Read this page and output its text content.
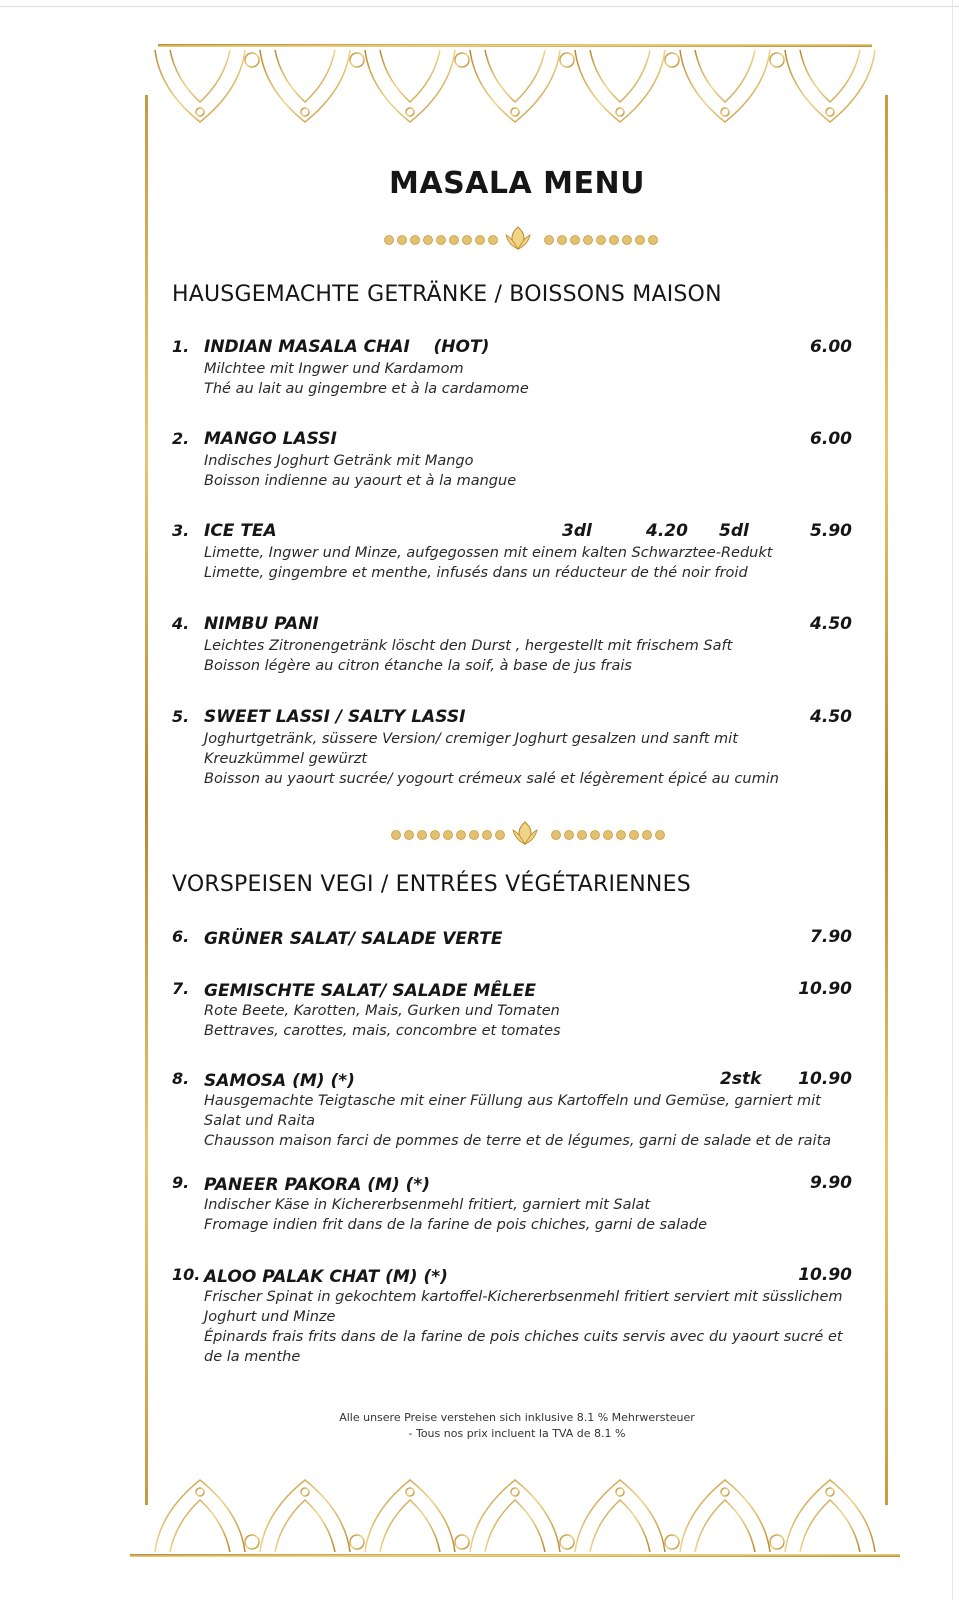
MASALA MENU
HAUSGEMACHTE GETRÄNKE / BOISSONS MAISON
1. INDIAN MASALA CHAI    (HOT)	6.00
Milchtee mit Ingwer und Kardamom
Thé au lait au gingembre et à la cardamome
2. MANGO LASSI	6.00
Indisches Joghurt Getränk mit Mango
Boisson indienne au yaourt et à la mangue
3. ICE TEA	3dl	4.20 5dl	5.90
Limette, Ingwer und Minze, aufgegossen mit einem kalten Schwarztee-Redukt
Limette, gingembre et menthe, infusés dans un réducteur de thé noir froid
4. NIMBU PANI	4.50
Leichtes Zitronengetränk löscht den Durst , hergestellt mit frischem Saft
Boisson légère au citron étanche la soif, à base de jus frais
5. SWEET LASSI / SALTY LASSI	4.50
Joghurtgetränk, süssere Version/ cremiger Joghurt gesalzen und sanft mit Kreuzkümmel gewürzt
Boisson au yaourt sucrée/ yogourt crémeux salé et légèrement épicé au cumin
VORSPEISEN VEGI / ENTRÉES VÉGÉTARIENNES
6. GRÜNER SALAT/ SALADE VERTE	7.90
7. GEMISCHTE SALAT/ SALADE MÊLEE	10.90
Rote Beete, Karotten, Mais, Gurken und Tomaten
Bettraves, carottes, mais, concombre et tomates
8. SAMOSA (M) (*)	2stk 10.90
Hausgemachte Teigtasche mit einer Füllung aus Kartoffeln und Gemüse, garniert mit Salat und Raita
Chausson maison farci de pommes de terre et de légumes, garni de salade et de raita
9. PANEER PAKORA (M) (*)	9.90
Indischer Käse in Kichererbsenmehl fritiert, garniert mit Salat
Fromage indien frit dans de la farine de pois chiches, garni de salade
10. ALOO PALAK CHAT (M) (*)	10.90
Frischer Spinat in gekochtem kartoffel-Kichererbsenmehl fritiert serviert mit süsslichem Joghurt und Minze
Épinards frais frits dans de la farine de pois chiches cuits servis avec du yaourt sucré et de la menthe
Alle unsere Preise verstehen sich inklusive 8.1 % Mehrwersteuer
- Tous nos prix incluent la TVA de 8.1 %
